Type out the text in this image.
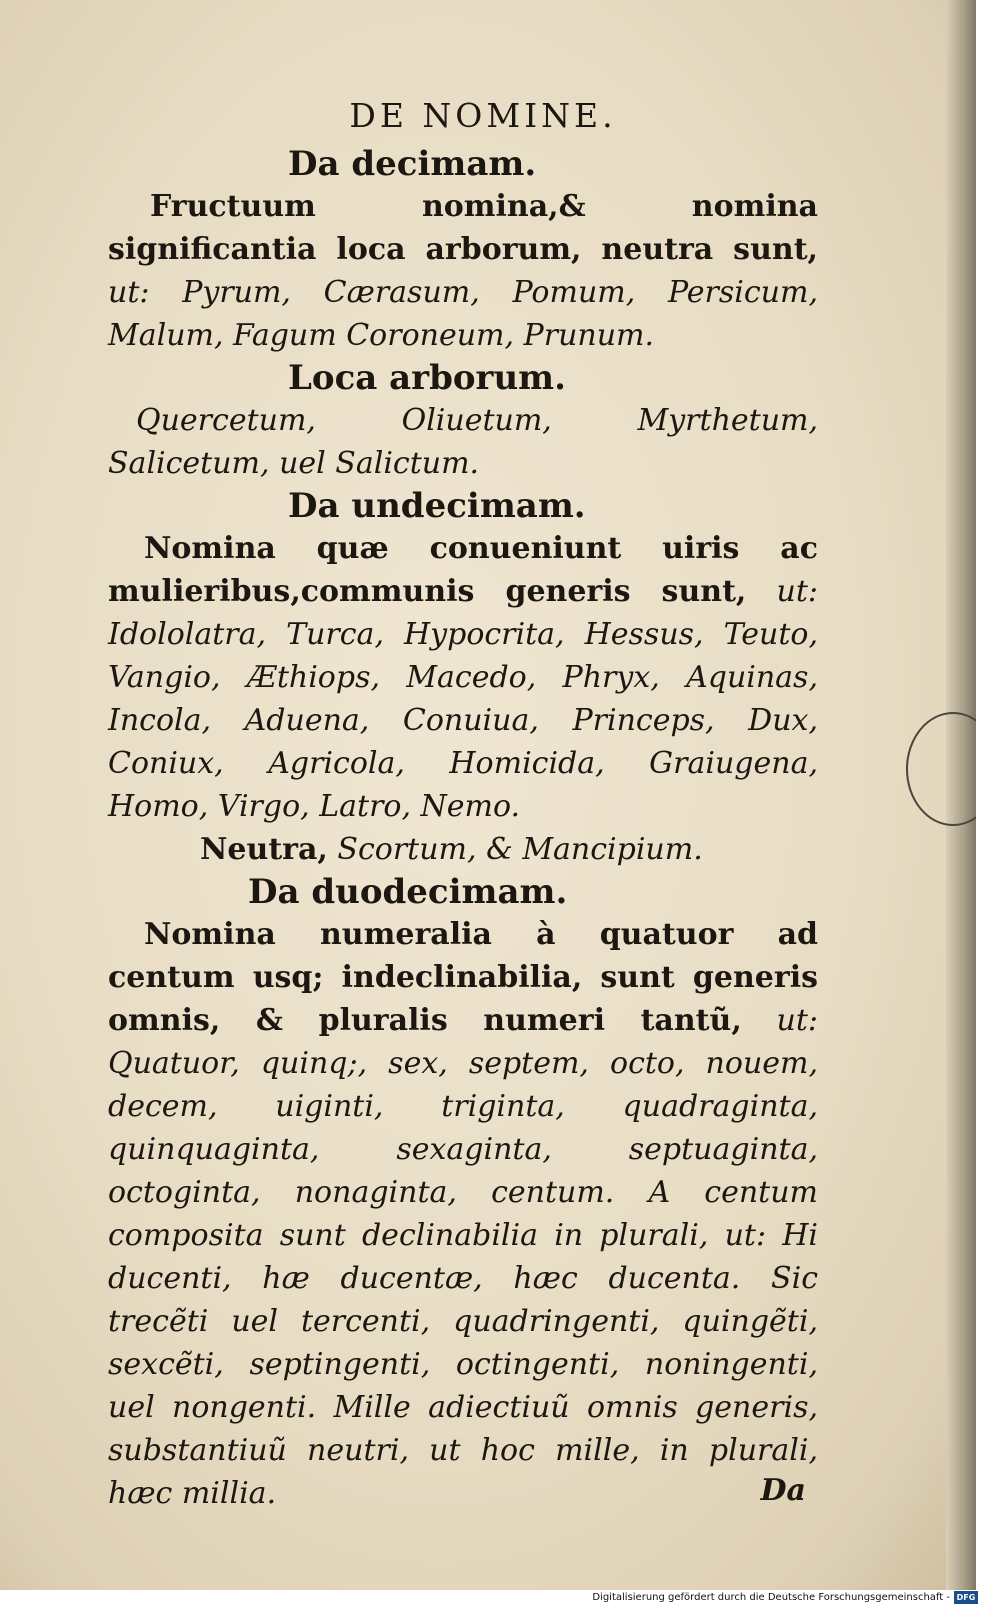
DE NOMINE.

Da decimam.

Fructuum nomina,& nomina significantia loca arborum, neutra sunt, ut: Pyrum, Cærasum, Pomum, Persicum, Malum, Fagum Coroneum, Prunum.

Loca arborum.

Quercetum, Oliuetum, Myrthetum, Salicetum, uel Salictum.

Da undecimam.

Nomina quæ conueniunt uiris ac mulieribus,communis generis sunt, ut: Idololatra, Turca, Hypocrita, Hessus, Teuto, Vangio, Æthiops, Macedo, Phryx, Aquinas, Incola, Aduena, Conuiua, Princeps, Dux, Coniux, Agricola, Homicida, Graiugena, Homo, Virgo, Latro, Nemo.

Neutra, Scortum, & Mancipium.

Da duodecimam.

Nomina numeralia à quatuor ad centum usq; indeclinabilia, sunt generis omnis, & pluralis numeri tantũ, ut: Quatuor, quinq;, sex, septem, octo, nouem, decem, uiginti, triginta, quadraginta, quinquaginta, sexaginta, septuaginta, octoginta, nonaginta, centum. A centum composita sunt declinabilia in plurali, ut: Hi ducenti, hæ ducentæ, hæc ducenta. Sic trecẽti uel tercenti, quadringenti, quingẽti, sexcẽti, septingenti, octingenti, noningenti, uel nongenti. Mille adiectiuũ omnis generis, substantiuũ neutri, ut hoc mille, in plurali, hæc millia.	Da
Digitalisierung gefördert durch die Deutsche Forschungsgemeinschaft - DFG
